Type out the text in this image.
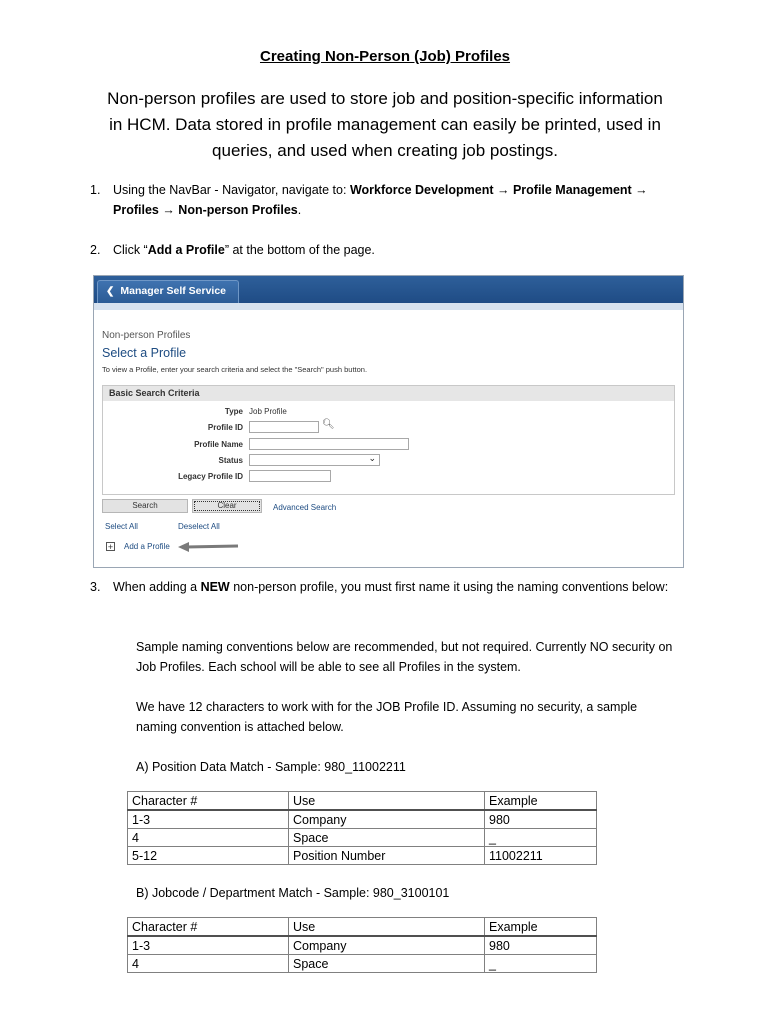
Creating Non-Person (Job) Profiles
Non-person profiles are used to store job and position-specific information in HCM. Data stored in profile management can easily be printed, used in queries, and used when creating job postings.
1. Using the NavBar - Navigator, navigate to: Workforce Development → Profile Management → Profiles → Non-person Profiles.
2. Click “Add a Profile” at the bottom of the page.
❮ Manager Self Service
Non-person Profiles
Select a Profile
To view a Profile, enter your search criteria and select the "Search" push button.
Basic Search Criteria
Type Job Profile
Profile ID	🔍︎
Profile Name
Status	⌄
Legacy Profile ID
Search	Clear	Advanced Search
Select All	Deselect All
+ Add a Profile
3. When adding a NEW non-person profile, you must first name it using the naming conventions below:
Sample naming conventions below are recommended, but not required. Currently NO security on Job Profiles. Each school will be able to see all Profiles in the system.
We have 12 characters to work with for the JOB Profile ID. Assuming no security, a sample naming convention is attached below.
A) Position Data Match - Sample: 980_11002211
Character #	Use	Example
1-3	Company	980
4	Space	_
5-12	Position Number	11002211
B) Jobcode / Department Match - Sample: 980_3100101
Character #	Use	Example
1-3	Company	980
4	Space	_
